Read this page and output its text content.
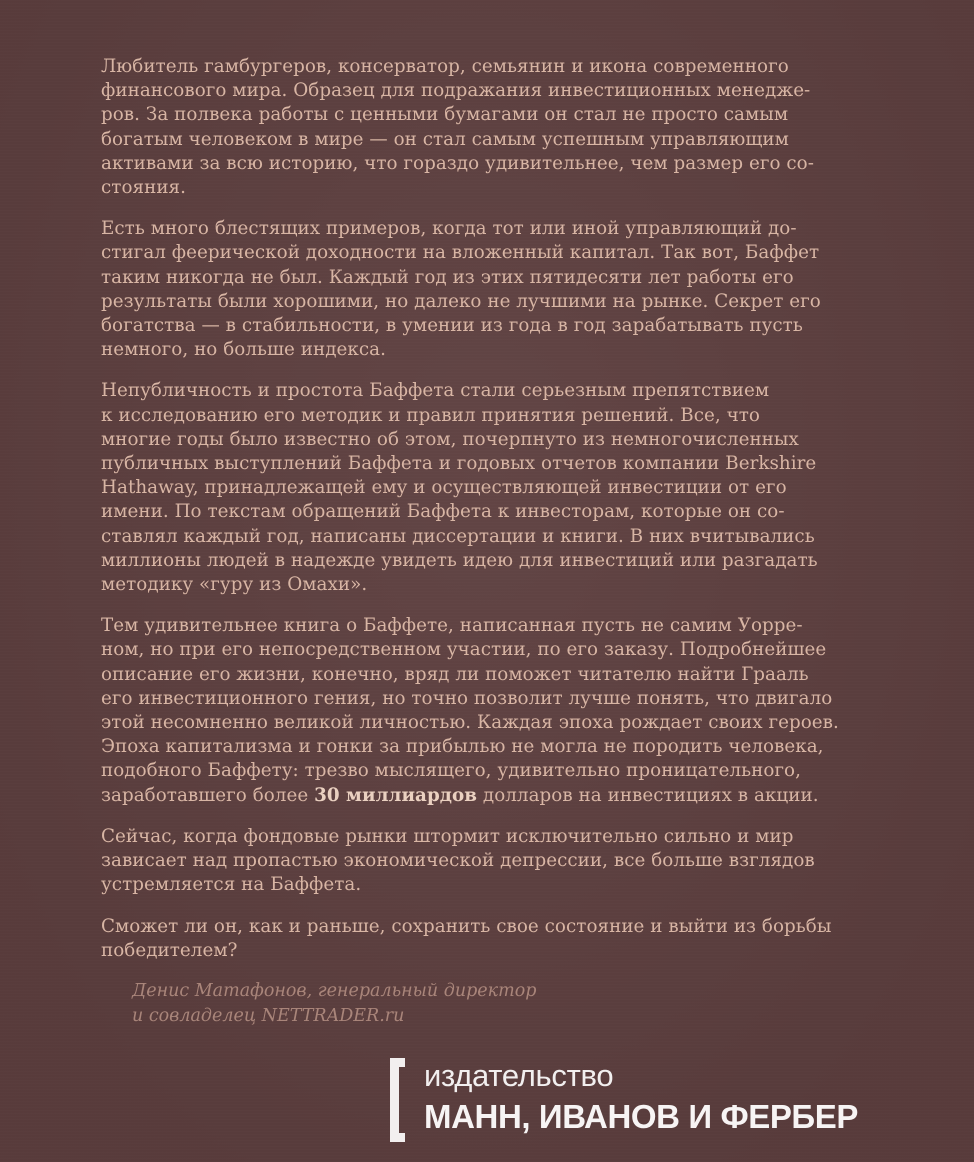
Любитель гамбургеров, консерватор, семьянин и икона современного
финансового мира. Образец для подражания инвестиционных менедже-
ров. За полвека работы с ценными бумагами он стал не просто самым
богатым человеком в мире — он стал самым успешным управляющим
активами за всю историю, что гораздо удивительнее, чем размер его со-
стояния.

Есть много блестящих примеров, когда тот или иной управляющий до-
стигал феерической доходности на вложенный капитал. Так вот, Баффет
таким никогда не был. Каждый год из этих пятидесяти лет работы его
результаты были хорошими, но далеко не лучшими на рынке. Секрет его
богатства — в стабильности, в умении из года в год зарабатывать пусть
немного, но больше индекса.

Непубличность и простота Баффета стали серьезным препятствием
к исследованию его методик и правил принятия решений. Все, что
многие годы было известно об этом, почерпнуто из немногочисленных
публичных выступлений Баффета и годовых отчетов компании Berkshire
Hathaway, принадлежащей ему и осуществляющей инвестиции от его
имени. По текстам обращений Баффета к инвесторам, которые он со-
ставлял каждый год, написаны диссертации и книги. В них вчитывались
миллионы людей в надежде увидеть идею для инвестиций или разгадать
методику «гуру из Омахи».

Тем удивительнее книга о Баффете, написанная пусть не самим Уорре-
ном, но при его непосредственном участии, по его заказу. Подробнейшее
описание его жизни, конечно, вряд ли поможет читателю найти Грааль
его инвестиционного гения, но точно позволит лучше понять, что двигало
этой несомненно великой личностью. Каждая эпоха рождает своих героев.
Эпоха капитализма и гонки за прибылью не могла не породить человека,
подобного Баффету: трезво мыслящего, удивительно проницательного,
заработавшего более 30 миллиардов долларов на инвестициях в акции.

Сейчас, когда фондовые рынки штормит исключительно сильно и мир
зависает над пропастью экономической депрессии, все больше взглядов
устремляется на Баффета.

Сможет ли он, как и раньше, сохранить свое состояние и выйти из борьбы
победителем?

Денис Матафонов, генеральный директор
и совладелец NETTRADER.ru
издательство
МАНН, ИВАНОВ И ФЕРБЕР
